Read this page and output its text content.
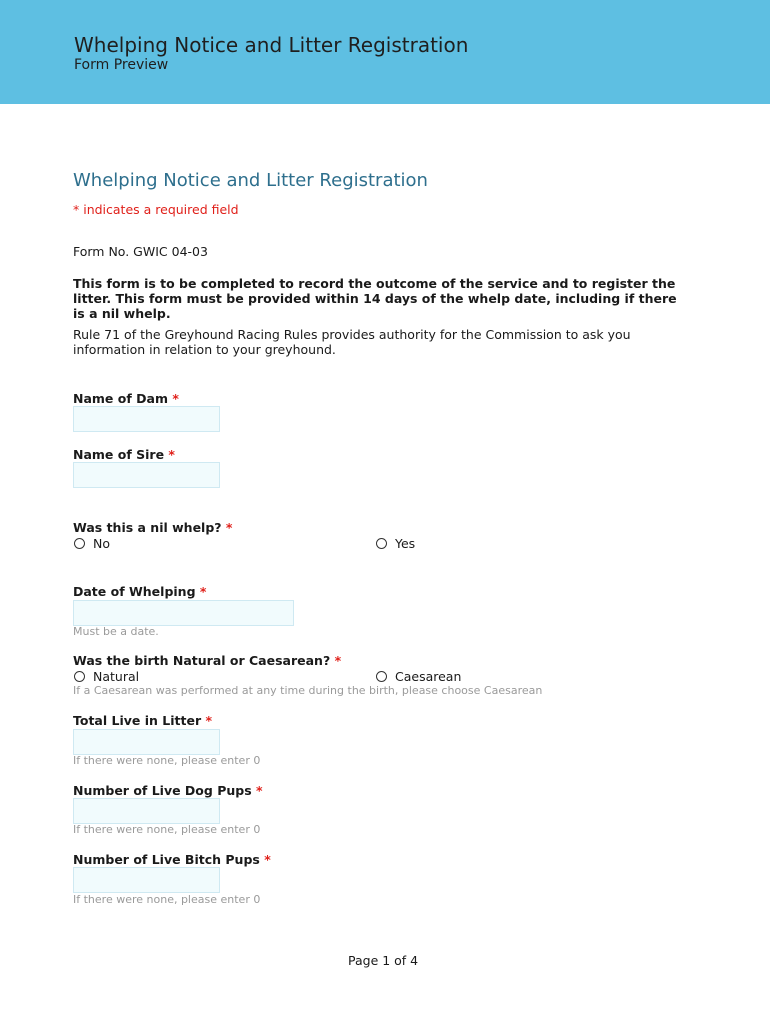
Whelping Notice and Litter Registration
Form Preview
Whelping Notice and Litter Registration
* indicates a required field
Form No. GWIC 04-03
This form is to be completed to record the outcome of the service and to register the litter. This form must be provided within 14 days of the whelp date, including if there is a nil whelp.
Rule 71 of the Greyhound Racing Rules provides authority for the Commission to ask you information in relation to your greyhound.
Name of Dam *
Name of Sire *
Was this a nil whelp? *
No	Yes
Date of Whelping *
Must be a date.
Was the birth Natural or Caesarean? *
Natural	Caesarean
If a Caesarean was performed at any time during the birth, please choose Caesarean
Total Live in Litter *
If there were none, please enter 0
Number of Live Dog Pups *
If there were none, please enter 0
Number of Live Bitch Pups *
If there were none, please enter 0
Page 1 of 4
